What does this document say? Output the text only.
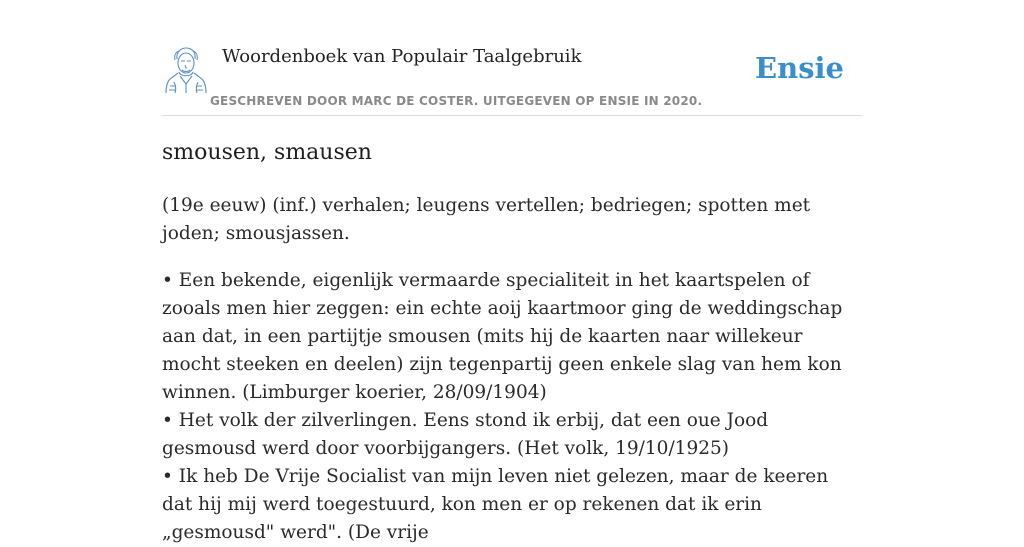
Woordenboek van Populair Taalgebruik
GESCHREVEN DOOR MARC DE COSTER. UITGEGEVEN OP ENSIE IN 2020.
Ensie
smousen, smausen

(19e eeuw) (inf.) verhalen; leugens vertellen; bedriegen; spotten met joden; smousjassen.

• Een bekende, eigenlijk vermaarde specialiteit in het kaartspelen of zooals men hier zeggen: ein echte aoij kaartmoor ging de weddingschap aan dat, in een partijtje smousen (mits hij de kaarten naar willekeur mocht steeken en deelen) zijn tegenpartij geen enkele slag van hem kon winnen. (Limburger koerier, 28/09/1904)

• Het volk der zilverlingen. Eens stond ik erbij, dat een oue Jood gesmousd werd door voorbijgangers. (Het volk, 19/10/1925)

• Ik heb De Vrije Socialist van mijn leven niet gelezen, maar de keeren dat hij mij werd toegestuurd, kon men er op rekenen dat ik erin „gesmousd" werd". (De vrije
